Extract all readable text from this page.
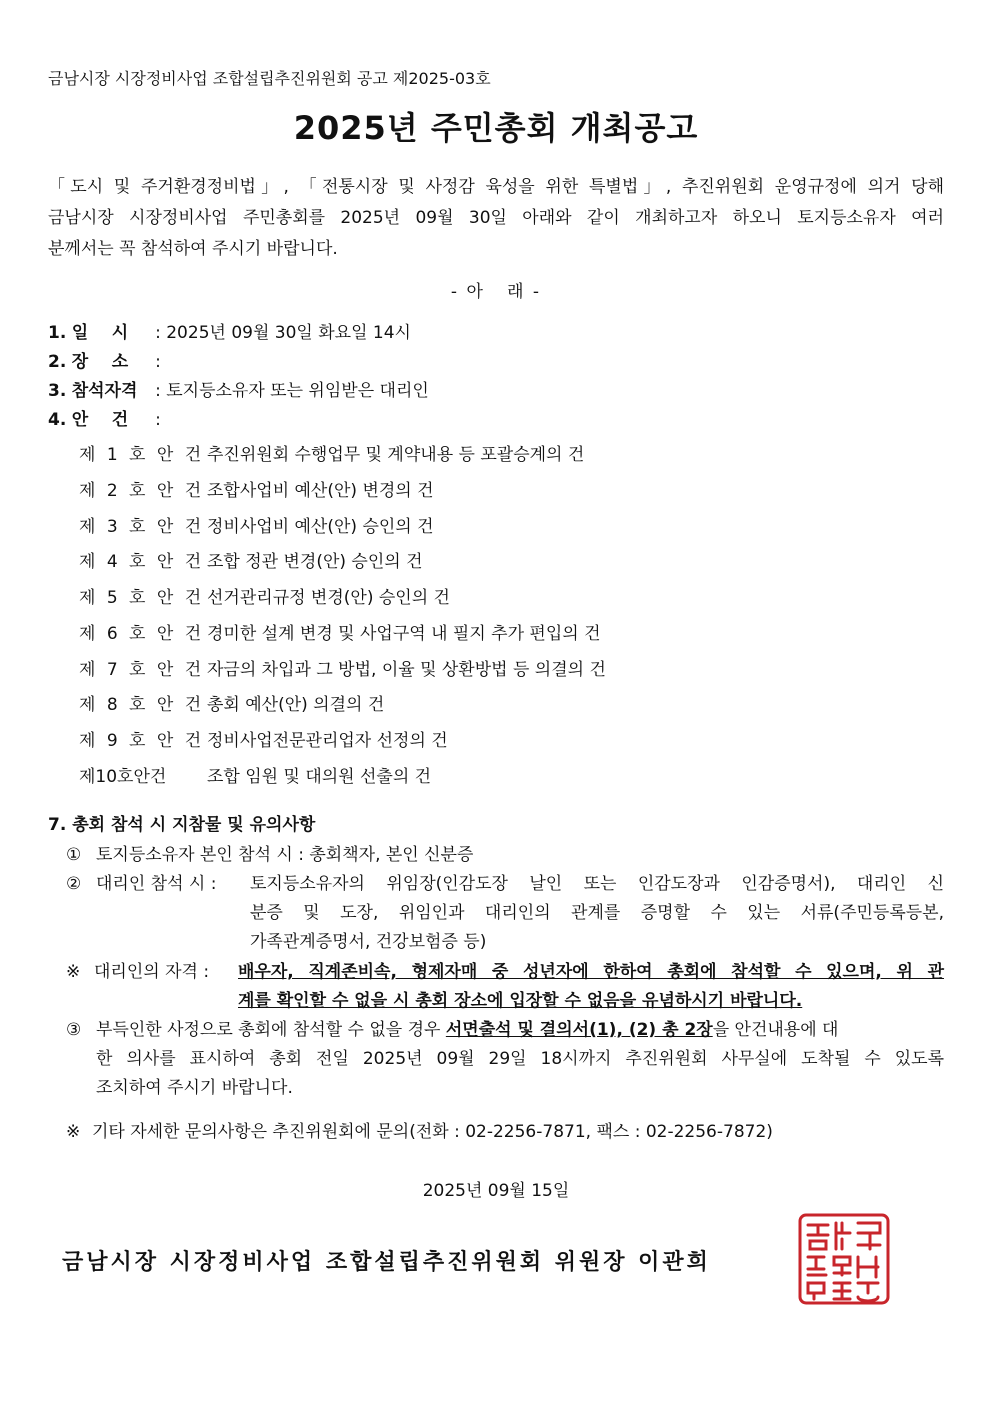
금남시장 시장정비사업 조합설립추진위원회 공고 제2025-03호
2025년 주민총회 개최공고
「도시 및 주거환경정비법」, 「전통시장 및 사정감 육성을 위한 특별법」, 추진위원회 운영규정에 의거 당해
금남시장 시장정비사업 주민총회를 2025년 09월 30일 아래와 같이 개최하고자 하오니 토지등소유자 여러
분께서는 꼭 참석하여 주시기 바랍니다.
- 아   래 -
1. 일    시 : 2025년 09월 30일 화요일 14시
2. 장    소 :
3. 참석자격 : 토지등소유자 또는 위임받은 대리인
4. 안    건 :
제 1 호 안 건 추진위원회 수행업무 및 계약내용 등 포괄승계의 건
제 2 호 안 건 조합사업비 예산(안) 변경의 건
제 3 호 안 건 정비사업비 예산(안) 승인의 건
제 4 호 안 건 조합 정관 변경(안) 승인의 건
제 5 호 안 건 선거관리규정 변경(안) 승인의 건
제 6 호 안 건 경미한 설계 변경 및 사업구역 내 필지 추가 편입의 건
제 7 호 안 건 자금의 차입과 그 방법, 이율 및 상환방법 등 의결의 건
제 8 호 안 건 총회 예산(안) 의결의 건
제 9 호 안 건 정비사업전문관리업자 선정의 건
제10호안건 조합 임원 및 대의원 선출의 건
7. 총회 참석 시 지참물 및 유의사항
① 토지등소유자 본인 참석 시 : 총회책자, 본인 신분증
② 대리인 참석 시 : 토지등소유자의 위임장(인감도장 날인 또는 인감도장과 인감증명서), 대리인 신
분증 및 도장, 위임인과 대리인의 관계를 증명할 수 있는 서류(주민등록등본,
가족관계증명서, 건강보험증 등)
※ 대리인의 자격 : 배우자, 직계존비속, 형제자매 중 성년자에 한하여 총회에 참석할 수 있으며, 위 관
계를 확인할 수 없을 시 총회 장소에 입장할 수 없음을 유념하시기 바랍니다.
③ 부득인한 사정으로 총회에 참석할 수 없을 경우 서면출석 및 결의서(1), (2) 총 2장을 안건내용에 대
한 의사를 표시하여 총회 전일 2025년 09월 29일 18시까지 추진위원회 사무실에 도착될 수 있도록
조치하여 주시기 바랍니다.
※ 기타 자세한 문의사항은 추진위원회에 문의(전화 : 02-2256-7871, 팩스 : 02-2256-7872)
2025년 09월 15일
금남시장 시장정비사업 조합설립추진위원회 위원장 이관희
